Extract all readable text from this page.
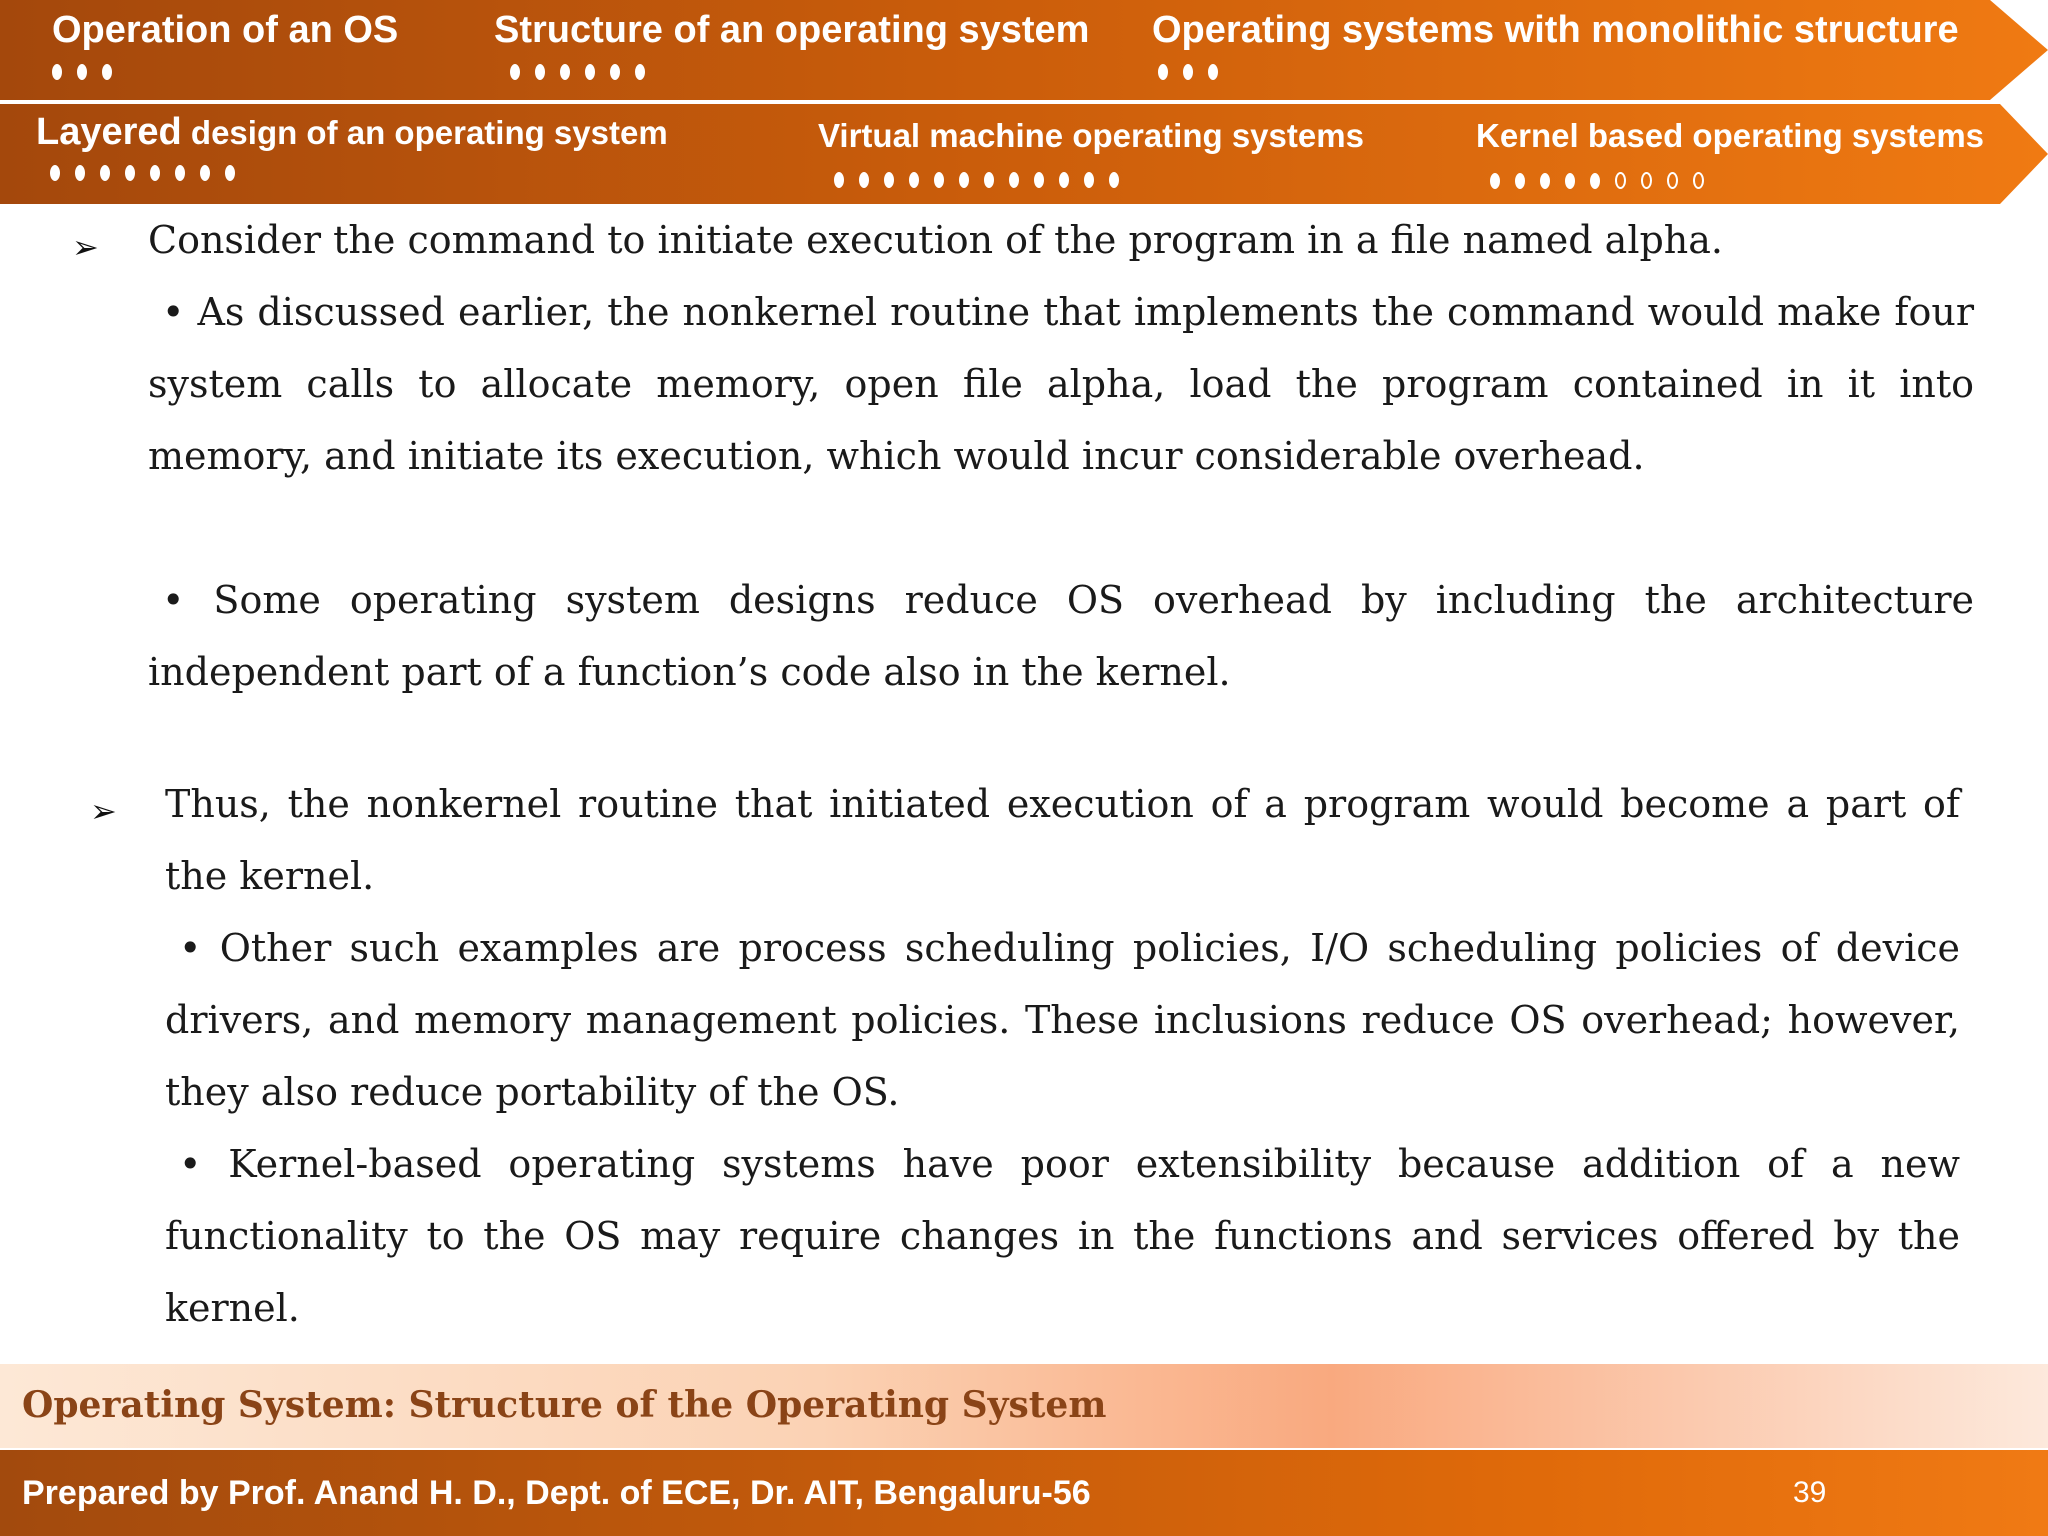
Operation of an OS	Structure of an operating system Operating systems with monolithic structure
Layered design of an operating system	Virtual machine operating systems	Kernel based operating systems
➢ Consider the command to initiate execution of the program in a file named alpha.
• As discussed earlier, the nonkernel routine that implements the command would make four system calls to allocate memory, open file alpha, load the program contained in it into memory, and initiate its execution, which would incur considerable overhead.
• Some operating system designs reduce OS overhead by including the architecture independent part of a function’s code also in the kernel.
➢ Thus, the nonkernel routine that initiated execution of a program would become a part of the kernel.
• Other such examples are process scheduling policies, I/O scheduling policies of device drivers, and memory management policies. These inclusions reduce OS overhead; however, they also reduce portability of the OS.
• Kernel-based operating systems have poor extensibility because addition of a new functionality to the OS may require changes in the functions and services offered by the kernel.
Operating System: Structure of the Operating System
Prepared by Prof. Anand H. D., Dept. of ECE, Dr. AIT, Bengaluru-56	39
